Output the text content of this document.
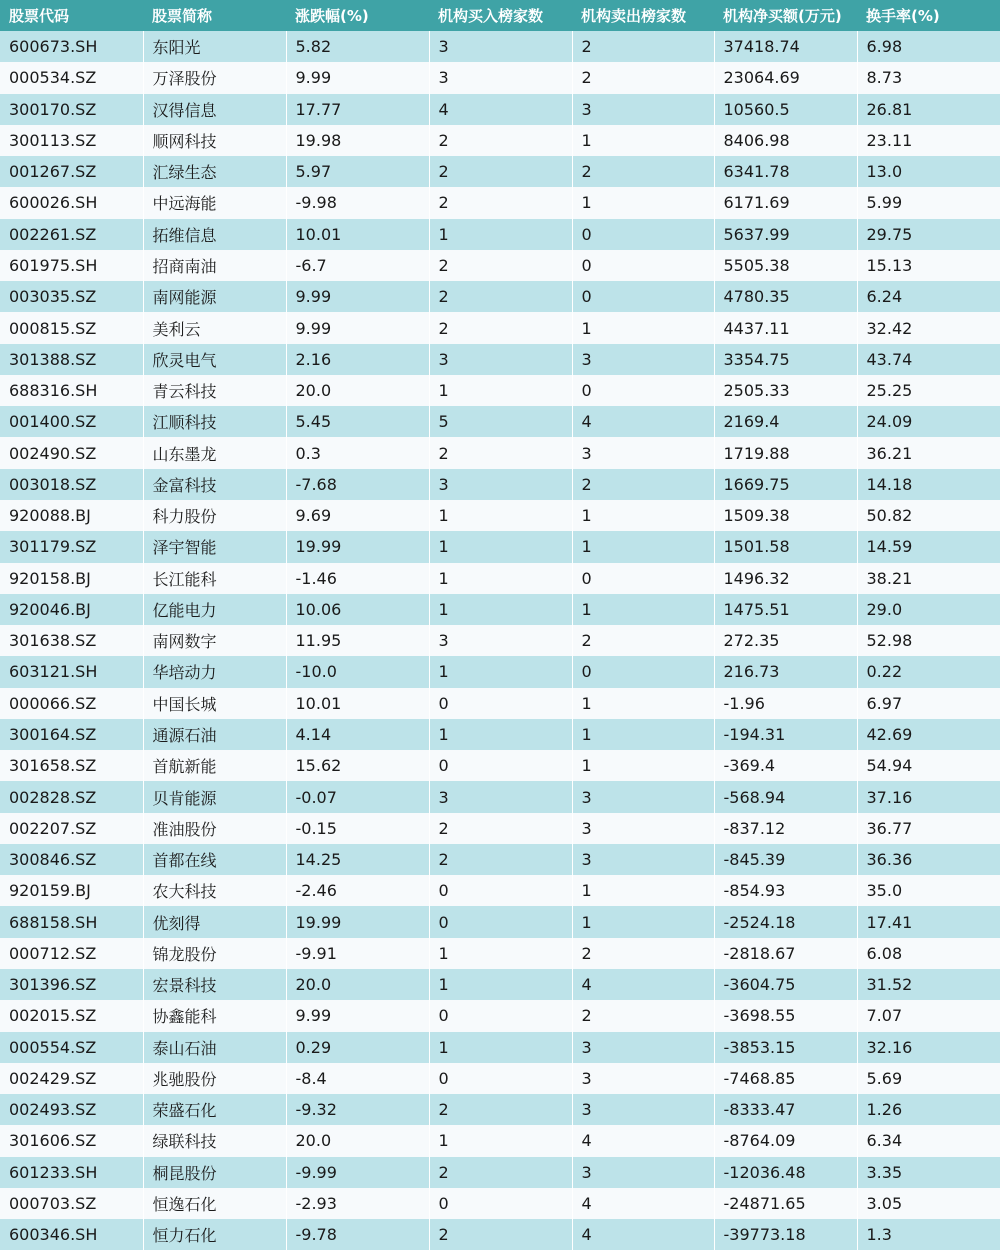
股票代码	股票简称	涨跌幅(%)	机构买入榜家数	机构卖出榜家数	机构净买额(万元)	换手率(%)
600673.SH	东阳光	5.82	3	2	37418.74	6.98
000534.SZ	万泽股份	9.99	3	2	23064.69	8.73
300170.SZ	汉得信息	17.77	4	3	10560.5	26.81
300113.SZ	顺网科技	19.98	2	1	8406.98	23.11
001267.SZ	汇绿生态	5.97	2	2	6341.78	13.0
600026.SH	中远海能	-9.98	2	1	6171.69	5.99
002261.SZ	拓维信息	10.01	1	0	5637.99	29.75
601975.SH	招商南油	-6.7	2	0	5505.38	15.13
003035.SZ	南网能源	9.99	2	0	4780.35	6.24
000815.SZ	美利云	9.99	2	1	4437.11	32.42
301388.SZ	欣灵电气	2.16	3	3	3354.75	43.74
688316.SH	青云科技	20.0	1	0	2505.33	25.25
001400.SZ	江顺科技	5.45	5	4	2169.4	24.09
002490.SZ	山东墨龙	0.3	2	3	1719.88	36.21
003018.SZ	金富科技	-7.68	3	2	1669.75	14.18
920088.BJ	科力股份	9.69	1	1	1509.38	50.82
301179.SZ	泽宇智能	19.99	1	1	1501.58	14.59
920158.BJ	长江能科	-1.46	1	0	1496.32	38.21
920046.BJ	亿能电力	10.06	1	1	1475.51	29.0
301638.SZ	南网数字	11.95	3	2	272.35	52.98
603121.SH	华培动力	-10.0	1	0	216.73	0.22
000066.SZ	中国长城	10.01	0	1	-1.96	6.97
300164.SZ	通源石油	4.14	1	1	-194.31	42.69
301658.SZ	首航新能	15.62	0	1	-369.4	54.94
002828.SZ	贝肯能源	-0.07	3	3	-568.94	37.16
002207.SZ	准油股份	-0.15	2	3	-837.12	36.77
300846.SZ	首都在线	14.25	2	3	-845.39	36.36
920159.BJ	农大科技	-2.46	0	1	-854.93	35.0
688158.SH	优刻得	19.99	0	1	-2524.18	17.41
000712.SZ	锦龙股份	-9.91	1	2	-2818.67	6.08
301396.SZ	宏景科技	20.0	1	4	-3604.75	31.52
002015.SZ	协鑫能科	9.99	0	2	-3698.55	7.07
000554.SZ	泰山石油	0.29	1	3	-3853.15	32.16
002429.SZ	兆驰股份	-8.4	0	3	-7468.85	5.69
002493.SZ	荣盛石化	-9.32	2	3	-8333.47	1.26
301606.SZ	绿联科技	20.0	1	4	-8764.09	6.34
601233.SH	桐昆股份	-9.99	2	3	-12036.48	3.35
000703.SZ	恒逸石化	-2.93	0	4	-24871.65	3.05
600346.SH	恒力石化	-9.78	2	4	-39773.18	1.3
